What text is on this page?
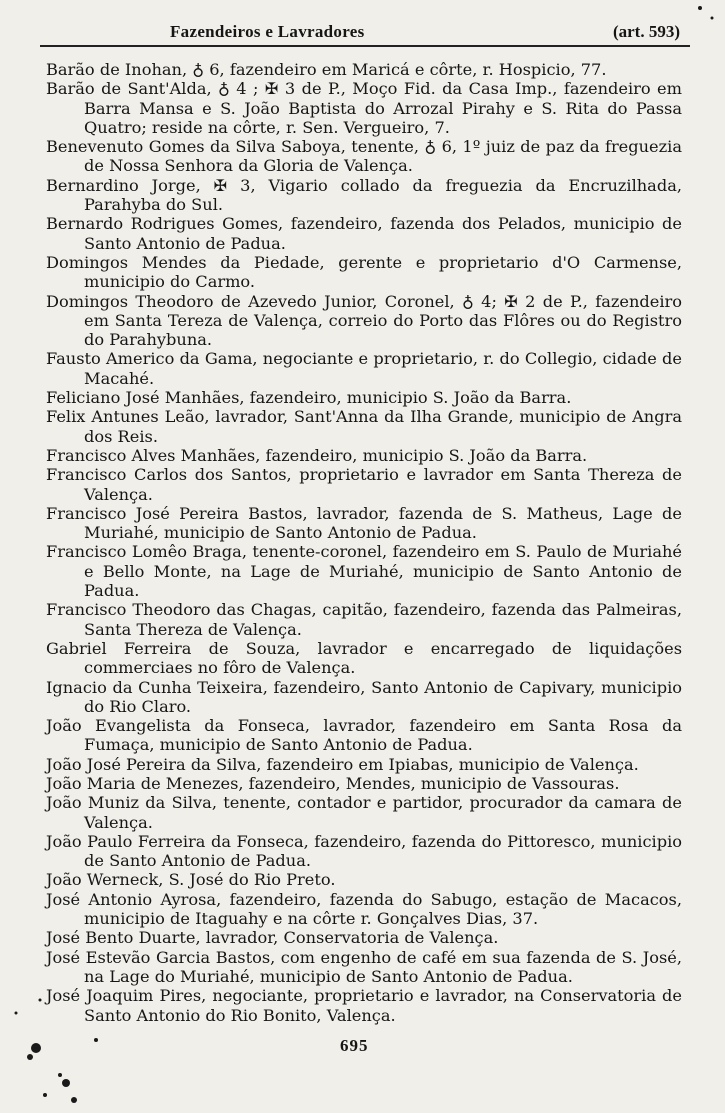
Fazendeiros e Lavradores	(art. 593)

Barão de Inohan, ♁ 6, fazendeiro em Maricá e côrte, r. Hospicio, 77.

Barão de Sant'Alda, ♁ 4 ; ✠ 3 de P., Moço Fid. da Casa Imp., fazendeiro em Barra Mansa e S. João Baptista do Arrozal Pirahy e S. Rita do Passa Quatro; reside na côrte, r. Sen. Vergueiro, 7.

Benevenuto Gomes da Silva Saboya, tenente, ♁ 6, 1º juiz de paz da freguezia de Nossa Senhora da Gloria de Valença.

Bernardino Jorge, ✠ 3, Vigario collado da freguezia da Encruzilhada, Parahyba do Sul.

Bernardo Rodrigues Gomes, fazendeiro, fazenda dos Pelados, municipio de Santo Antonio de Padua.

Domingos Mendes da Piedade, gerente e proprietario d'O Carmense, municipio do Carmo.

Domingos Theodoro de Azevedo Junior, Coronel, ♁ 4; ✠ 2 de P., fazendeiro em Santa Tereza de Valença, correio do Porto das Flôres ou do Registro do Parahybuna.

Fausto Americo da Gama, negociante e proprietario, r. do Collegio, cidade de Macahé.

Feliciano José Manhães, fazendeiro, municipio S. João da Barra.

Felix Antunes Leão, lavrador, Sant'Anna da Ilha Grande, municipio de Angra dos Reis.

Francisco Alves Manhães, fazendeiro, municipio S. João da Barra.

Francisco Carlos dos Santos, proprietario e lavrador em Santa Thereza de Valença.

Francisco José Pereira Bastos, lavrador, fazenda de S. Matheus, Lage de Muriahé, municipio de Santo Antonio de Padua.

Francisco Lomêo Braga, tenente-coronel, fazendeiro em S. Paulo de Muriahé e Bello Monte, na Lage de Muriahé, municipio de Santo Antonio de Padua.

Francisco Theodoro das Chagas, capitão, fazendeiro, fazenda das Palmeiras, Santa Thereza de Valença.

Gabriel Ferreira de Souza, lavrador e encarregado de liquidações commerciaes no fôro de Valença.

Ignacio da Cunha Teixeira, fazendeiro, Santo Antonio de Capivary, municipio do Rio Claro.

João Evangelista da Fonseca, lavrador, fazendeiro em Santa Rosa da Fumaça, municipio de Santo Antonio de Padua.

João José Pereira da Silva, fazendeiro em Ipiabas, municipio de Valença.

João Maria de Menezes, fazendeiro, Mendes, municipio de Vassouras.

João Muniz da Silva, tenente, contador e partidor, procurador da camara de Valença.

João Paulo Ferreira da Fonseca, fazendeiro, fazenda do Pittoresco, municipio de Santo Antonio de Padua.

João Werneck, S. José do Rio Preto.

José Antonio Ayrosa, fazendeiro, fazenda do Sabugo, estação de Macacos, municipio de Itaguahy e na côrte r. Gonçalves Dias, 37.

José Bento Duarte, lavrador, Conservatoria de Valença.

José Estevão Garcia Bastos, com engenho de café em sua fazenda de S. José, na Lage do Muriahé, municipio de Santo Antonio de Padua.

José Joaquim Pires, negociante, proprietario e lavrador, na Conservatoria de Santo Antonio do Rio Bonito, Valença.

695
